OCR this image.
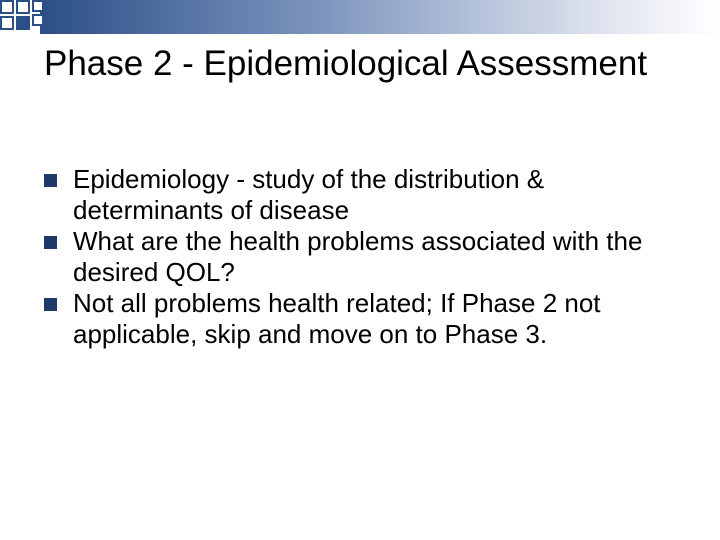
Phase 2 - Epidemiological Assessment
Epidemiology - study of the distribution & determinants of disease
What are the health problems associated with the desired QOL?
Not all problems health related; If Phase 2 not applicable, skip and move on to Phase 3.
